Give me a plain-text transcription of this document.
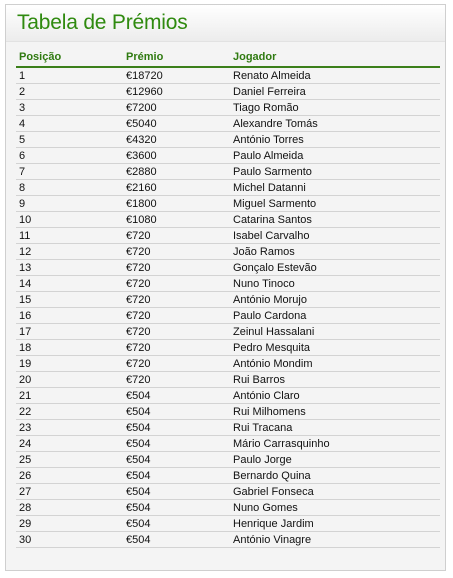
Tabela de Prémios
Posição	Prémio	Jogador
1	€18720	Renato Almeida
2	€12960	Daniel Ferreira
3	€7200	Tiago Romão
4	€5040	Alexandre Tomás
5	€4320	António Torres
6	€3600	Paulo Almeida
7	€2880	Paulo Sarmento
8	€2160	Michel Datanni
9	€1800	Miguel Sarmento
10	€1080	Catarina Santos
11	€720	Isabel Carvalho
12	€720	João Ramos
13	€720	Gonçalo Estevão
14	€720	Nuno Tinoco
15	€720	António Morujo
16	€720	Paulo Cardona
17	€720	Zeinul Hassalani
18	€720	Pedro Mesquita
19	€720	António Mondim
20	€720	Rui Barros
21	€504	António Claro
22	€504	Rui Milhomens
23	€504	Rui Tracana
24	€504	Mário Carrasquinho
25	€504	Paulo Jorge
26	€504	Bernardo Quina
27	€504	Gabriel Fonseca
28	€504	Nuno Gomes
29	€504	Henrique Jardim
30	€504	António Vinagre
